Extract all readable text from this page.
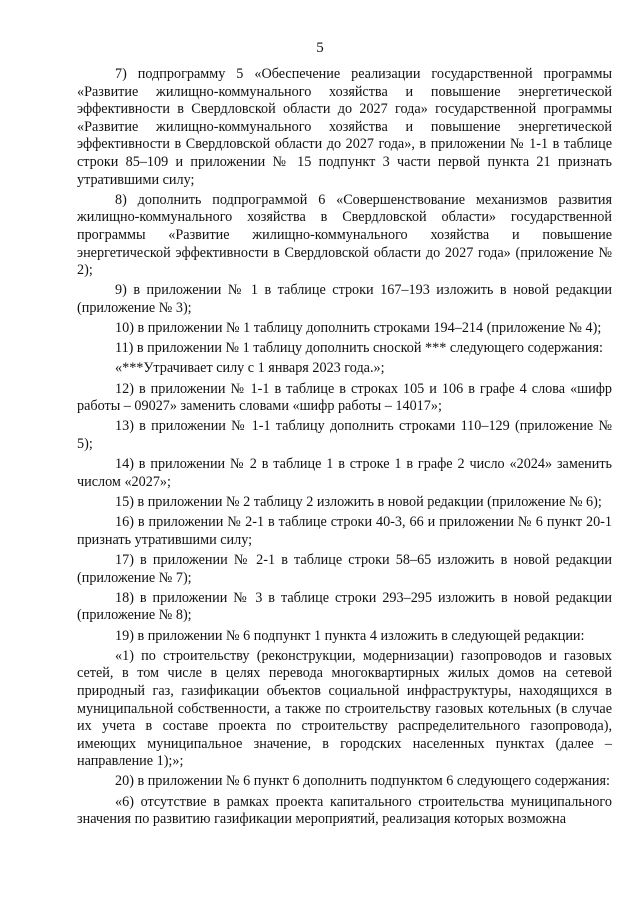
5

7) подпрограмму 5 «Обеспечение реализации государственной программы «Развитие жилищно-коммунального хозяйства и повышение энергетической эффективности в Свердловской области до 2027 года» государственной программы «Развитие жилищно-коммунального хозяйства и повышение энергетической эффективности в Свердловской области до 2027 года», в приложении № 1-1 в таблице строки 85–109 и приложении № 15 подпункт 3 части первой пункта 21 признать утратившими силу;

8) дополнить подпрограммой 6 «Совершенствование механизмов развития жилищно-коммунального хозяйства в Свердловской области» государственной программы «Развитие жилищно-коммунального хозяйства и повышение энергетической эффективности в Свердловской области до 2027 года» (приложение № 2);

9) в приложении № 1 в таблице строки 167–193 изложить в новой редакции (приложение № 3);

10) в приложении № 1 таблицу дополнить строками 194–214 (приложение № 4);

11) в приложении № 1 таблицу дополнить сноской *** следующего содержания:

«***Утрачивает силу с 1 января 2023 года.»;

12) в приложении № 1-1 в таблице в строках 105 и 106 в графе 4 слова «шифр работы – 09027» заменить словами «шифр работы – 14017»;

13) в приложении № 1-1 таблицу дополнить строками 110–129 (приложение № 5);

14) в приложении № 2 в таблице 1 в строке 1 в графе 2 число «2024» заменить числом «2027»;

15) в приложении № 2 таблицу 2 изложить в новой редакции (приложение № 6);

16) в приложении № 2-1 в таблице строки 40-3, 66 и приложении № 6 пункт 20-1 признать утратившими силу;

17) в приложении № 2-1 в таблице строки 58–65 изложить в новой редакции (приложение № 7);

18) в приложении № 3 в таблице строки 293–295 изложить в новой редакции (приложение № 8);

19) в приложении № 6 подпункт 1 пункта 4 изложить в следующей редакции:

«1) по строительству (реконструкции, модернизации) газопроводов и газовых сетей, в том числе в целях перевода многоквартирных жилых домов на сетевой природный газ, газификации объектов социальной инфраструктуры, находящихся в муниципальной собственности, а также по строительству газовых котельных (в случае их учета в составе проекта по строительству распределительного газопровода), имеющих муниципальное значение, в городских населенных пунктах (далее – направление 1);»;

20) в приложении № 6 пункт 6 дополнить подпунктом 6 следующего содержания:

«6) отсутствие в рамках проекта капитального строительства муниципального значения по развитию газификации мероприятий, реализация которых возможна
